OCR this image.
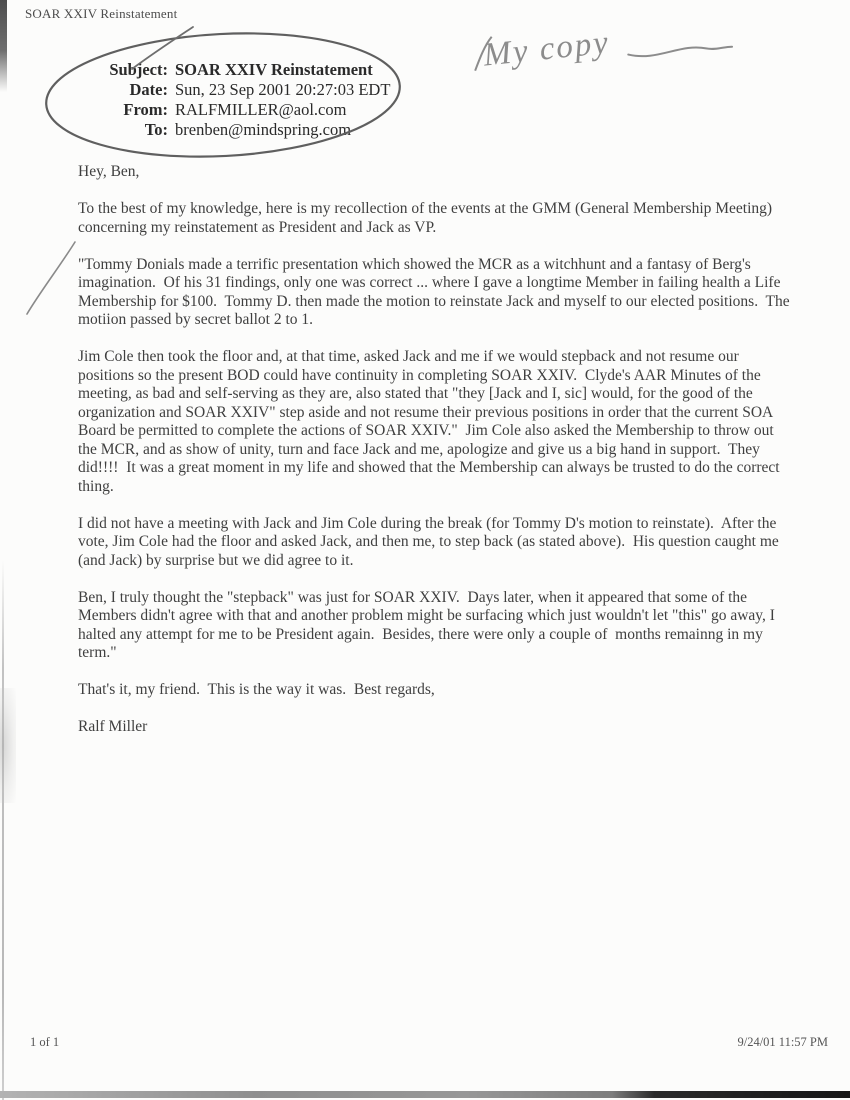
SOAR XXIV Reinstatement
My copy
Subject: SOAR XXIV Reinstatement
Date: Sun, 23 Sep 2001 20:27:03 EDT
From: RALFMILLER@aol.com
To: brenben@mindspring.com

Hey, Ben,

To the best of my knowledge, here is my recollection of the events at the GMM (General Membership Meeting) concerning my reinstatement as President and Jack as VP.

"Tommy Donials made a terrific presentation which showed the MCR as a witchhunt and a fantasy of Berg's imagination.  Of his 31 findings, only one was correct ... where I gave a longtime Member in failing health a Life Membership for $100.  Tommy D. then made the motion to reinstate Jack and myself to our elected positions.  The motiion passed by secret ballot 2 to 1.

Jim Cole then took the floor and, at that time, asked Jack and me if we would stepback and not resume our positions so the present BOD could have continuity in completing SOAR XXIV.  Clyde's AAR Minutes of the meeting, as bad and self-serving as they are, also stated that "they [Jack and I, sic] would, for the good of the organization and SOAR XXIV" step aside and not resume their previous positions in order that the current SOA Board be permitted to complete the actions of SOAR XXIV."  Jim Cole also asked the Membership to throw out the MCR, and as show of unity, turn and face Jack and me, apologize and give us a big hand in support.  They did!!!!  It was a great moment in my life and showed that the Membership can always be trusted to do the correct thing.

I did not have a meeting with Jack and Jim Cole during the break (for Tommy D's motion to reinstate).  After the vote, Jim Cole had the floor and asked Jack, and then me, to step back (as stated above).  His question caught me (and Jack) by surprise but we did agree to it.

Ben, I truly thought the "stepback" was just for SOAR XXIV.  Days later, when it appeared that some of the Members didn't agree with that and another problem might be surfacing which just wouldn't let "this" go away, I halted any attempt for me to be President again.  Besides, there were only a couple of  months remainng in my term."

That's it, my friend.  This is the way it was.  Best regards,

Ralf Miller

1 of 1	9/24/01 11:57 PM
